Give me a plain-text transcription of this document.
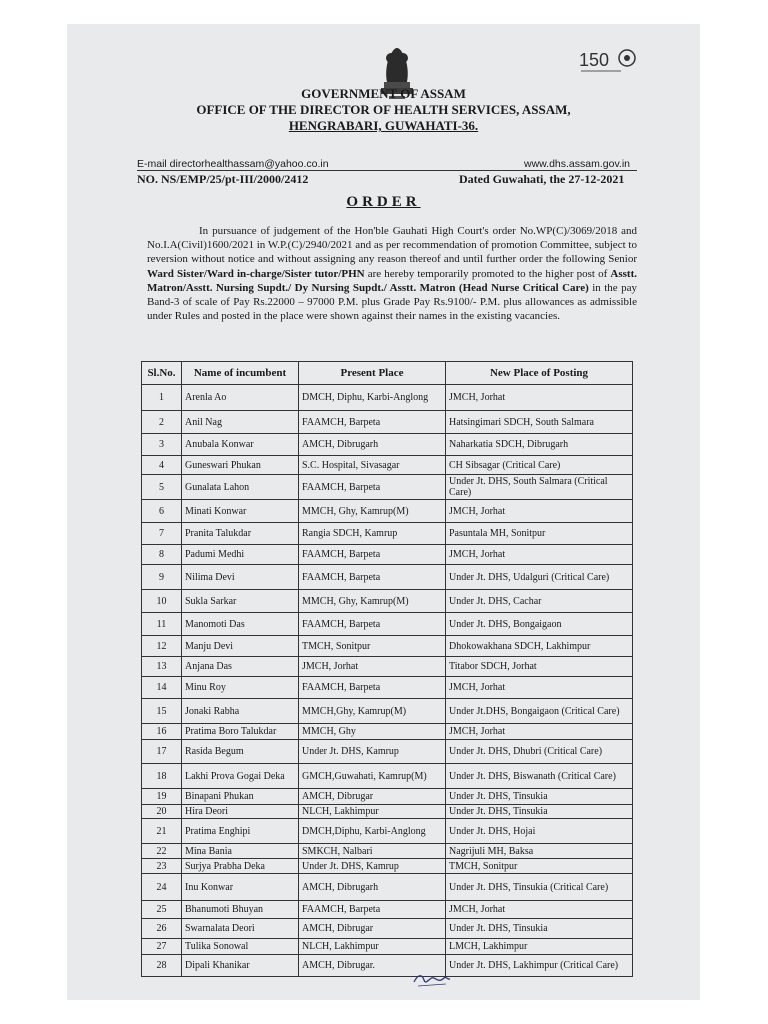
150
GOVERNMENT OF ASSAM
OFFICE OF THE DIRECTOR OF HEALTH SERVICES, ASSAM,
HENGRABARI, GUWAHATI-36.
E-mail directorhealthassam@yahoo.co.in	www.dhs.assam.gov.in
NO. NS/EMP/25/pt-III/2000/2412	Dated Guwahati, the 27-12-2021
ORDER
In pursuance of judgement of the Hon'ble Gauhati High Court's order No.WP(C)/3069/2018 and No.I.A(Civil)1600/2021 in W.P.(C)/2940/2021 and as per recommendation of promotion Committee, subject to reversion without notice and without assigning any reason thereof and until further order the following Senior Ward Sister/Ward in-charge/Sister tutor/PHN are hereby temporarily promoted to the higher post of Asstt. Matron/Asstt. Nursing Supdt./ Dy Nursing Supdt./ Asstt. Matron (Head Nurse Critical Care) in the pay Band-3 of scale of Pay Rs.22000 – 97000 P.M. plus Grade Pay Rs.9100/- P.M. plus allowances as admissible under Rules and posted in the place were shown against their names in the existing vacancies.
Sl.No.	Name of incumbent	Present Place	New Place of Posting
1	Arenla Ao	DMCH, Diphu, Karbi-Anglong	JMCH, Jorhat
2	Anil Nag	FAAMCH, Barpeta	Hatsingimari SDCH, South Salmara
3	Anubala Konwar	AMCH, Dibrugarh	Naharkatia SDCH, Dibrugarh
4	Guneswari Phukan	S.C. Hospital, Sivasagar	CH Sibsagar (Critical Care)
5	Gunalata Lahon	FAAMCH, Barpeta	Under Jt. DHS, South Salmara (Critical Care)
6	Minati Konwar	MMCH, Ghy, Kamrup(M)	JMCH, Jorhat
7	Pranita Talukdar	Rangia SDCH, Kamrup	Pasuntala MH, Sonitpur
8	Padumi Medhi	FAAMCH, Barpeta	JMCH, Jorhat
9	Nilima Devi	FAAMCH, Barpeta	Under Jt. DHS, Udalguri (Critical Care)
10	Sukla Sarkar	MMCH, Ghy, Kamrup(M)	Under Jt. DHS, Cachar
11	Manomoti Das	FAAMCH, Barpeta	Under Jt. DHS, Bongaigaon
12	Manju Devi	TMCH, Sonitpur	Dhokowakhana SDCH, Lakhimpur
13	Anjana Das	JMCH, Jorhat	Titabor SDCH, Jorhat
14	Minu Roy	FAAMCH, Barpeta	JMCH, Jorhat
15	Jonaki Rabha	MMCH,Ghy, Kamrup(M)	Under Jt.DHS, Bongaigaon (Critical Care)
16	Pratima Boro Talukdar	MMCH, Ghy	JMCH, Jorhat
17	Rasida Begum	Under Jt. DHS, Kamrup	Under Jt. DHS, Dhubri (Critical Care)
18	Lakhi Prova Gogai Deka	GMCH,Guwahati, Kamrup(M)	Under Jt. DHS, Biswanath (Critical Care)
19	Binapani Phukan	AMCH, Dibrugar	Under Jt. DHS, Tinsukia
20	Hira Deori	NLCH, Lakhimpur	Under Jt. DHS, Tinsukia
21	Pratima Enghipi	DMCH,Diphu, Karbi-Anglong	Under Jt. DHS, Hojai
22	Mina Bania	SMKCH, Nalbari	Nagrijuli MH, Baksa
23	Surjya Prabha Deka	Under Jt. DHS, Kamrup	TMCH, Sonitpur
24	Inu Konwar	AMCH, Dibrugarh	Under Jt. DHS, Tinsukia (Critical Care)
25	Bhanumoti Bhuyan	FAAMCH, Barpeta	JMCH, Jorhat
26	Swarnalata Deori	AMCH, Dibrugar	Under Jt. DHS, Tinsukia
27	Tulika Sonowal	NLCH, Lakhimpur	LMCH, Lakhimpur
28	Dipali Khanikar	AMCH, Dibrugar.	Under Jt. DHS, Lakhimpur (Critical Care)
